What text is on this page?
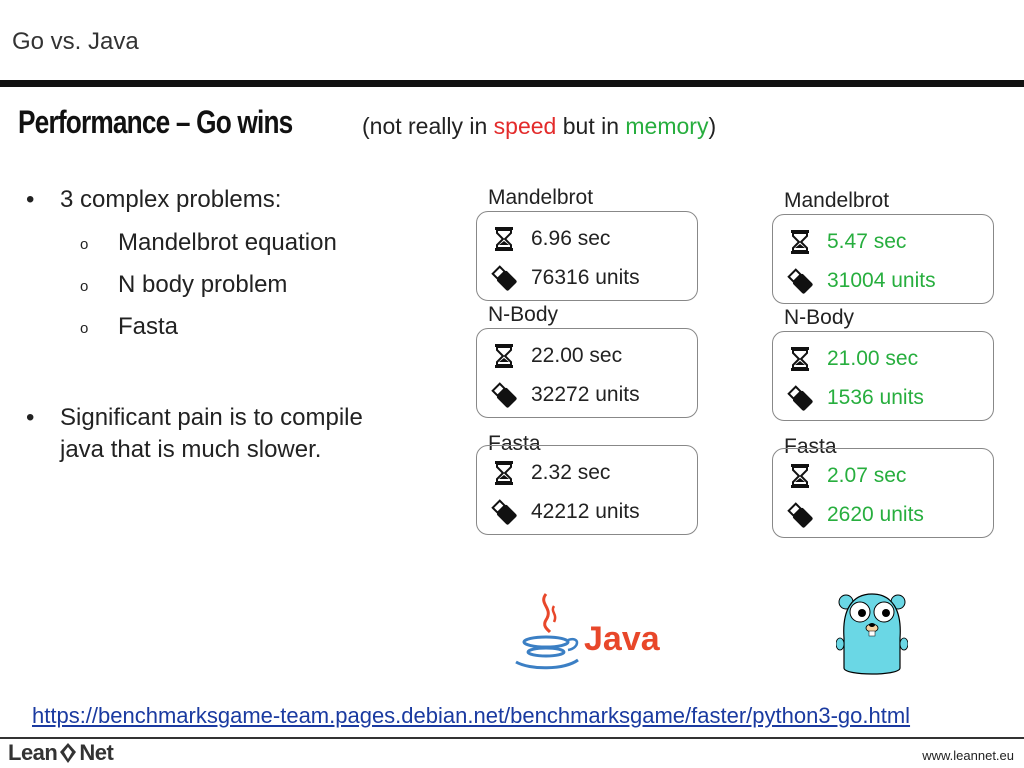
Go vs. Java
Performance – Go wins	(not really in speed but in memory)
• 3 complex problems:
o Mandelbrot equation
o N body problem
o Fasta
• Significant pain is to compile
java that is much slower.
Mandelbrot
6.96 sec
76316 units
N-Body
22.00 sec
32272 units
Fasta
2.32 sec
42212 units
Mandelbrot
5.47 sec
31004 units
N-Body
21.00 sec
1536 units
Fasta
2.07 sec
2620 units
Java
https://benchmarksgame-team.pages.debian.net/benchmarksgame/faster/python3-go.html
Lean Net	www.leannet.eu
